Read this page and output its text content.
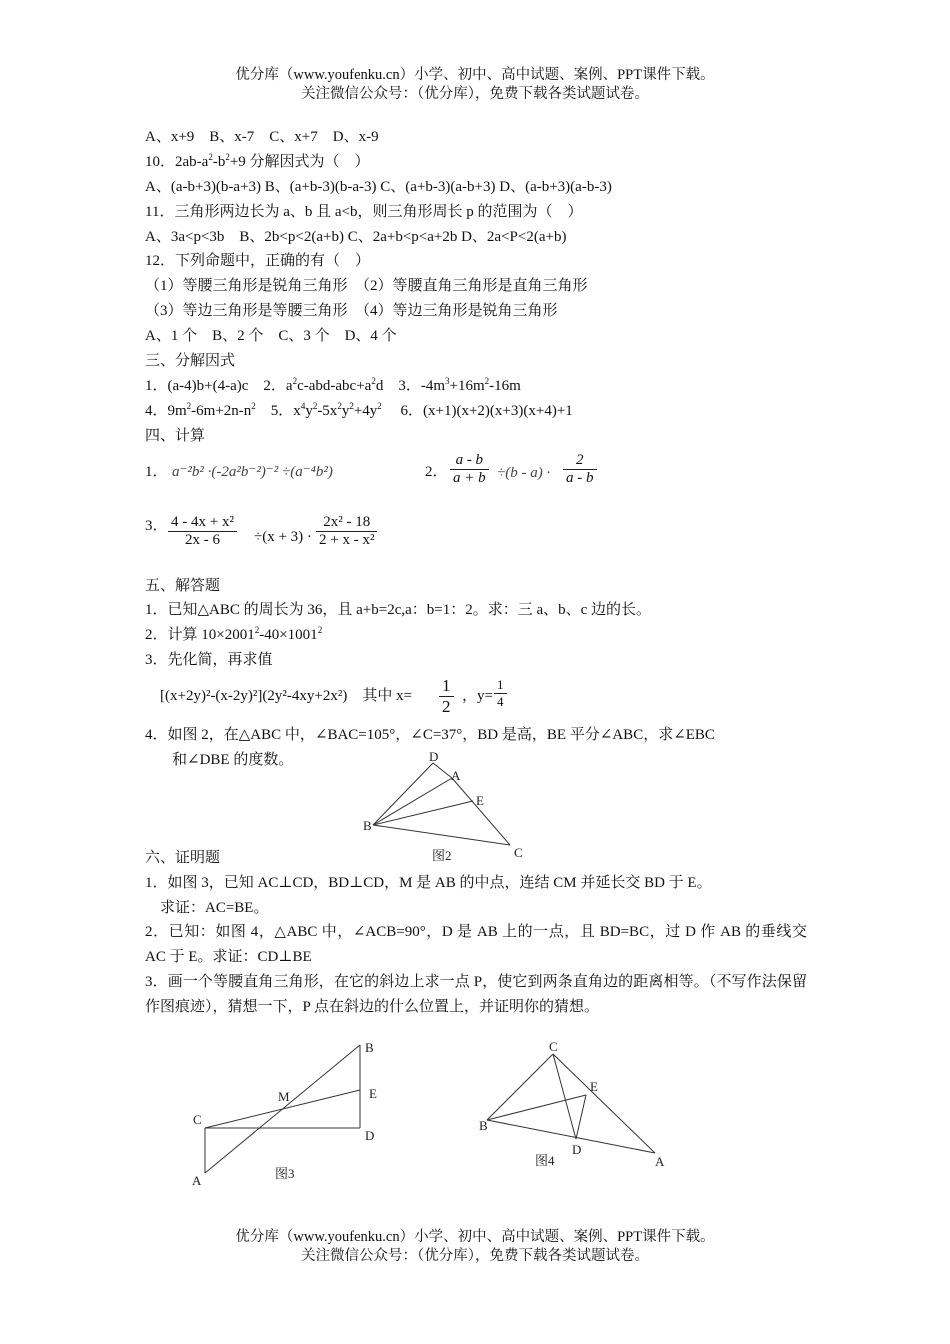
优分库（www.youfenku.cn）小学、初中、高中试题、案例、PPT课件下载。
关注微信公众号：（优分库），免费下载各类试题试卷。
A、x+9　B、x-7　C、x+7　D、x-9
10．$2ab-a^2-b^2+9$ 分解因式为（　）
A、(a-b+3)(b-a+3) B、(a+b-3)(b-a-3) C、(a+b-3)(a-b+3) D、(a-b+3)(a-b-3)
11．三角形两边长为 a、b 且 a<b，则三角形周长 p 的范围为（　）
A、3a<p<3b　B、2b<p<2(a+b) C、2a+b<p<a+2b D、2a<P<2(a+b)
12．下列命题中，正确的有（　）
（1）等腰三角形是锐角三角形　（2）等腰直角三角形是直角三角形
（3）等边三角形是等腰三角形　（4）等边三角形是锐角三角形
A、1 个　B、2 个　C、3 个　D、4 个
三、分解因式
1．(a-4)b+(4-a)c 2．$a^2c-abd-abc+a^2d$ 3．$-4m^3+16m^2-16m$
4．$9m^2-6m+2n-n^2$ 5．$x^4y^2-5x^2y^2+4y^2$ 6．(x+1)(x+2)(x+3)(x+4)+1
四、计算
1． a⁻²b² ·(-2a²b⁻²)⁻² ÷(a⁻⁴b²)	2． $\frac{a - b}{a + b} \div(b - a) \cdot \frac{2}{a - b}$
3． $\frac{\text{4 - 4x + x²}}{2x - 6} \div(x + 3) \cdot \frac{\text{2x² - 18}}{\text{2 + x - x²}}$
五、解答题
1．已知△ABC 的周长为 36，且 a+b=2c,a：b=1：2。求：三 a、b、c 边的长。
2．计算 $10\times 2001^2-40\times 1001^2$
3．先化简，再求值
[(x+2y)²-(x-2y)²](2y²-4xy+2x²)　其中 $x= \frac{1}{2}$ ，$y= \frac{1}{4}$
4．如图 2，在△ABC 中，∠BAC=105°，∠C=37°，BD 是高，BE 平分∠ABC，求∠EBC
和∠DBE 的度数。	D
A
E
B
C
图2
六、证明题
1．如图 3，已知 AC⊥CD，BD⊥CD，M 是 AB 的中点，连结 CM 并延长交 BD 于 E。
求证：AC=BE。
2．已知：如图 4，△ABC 中，∠ACB=90°，D 是 AB 上的一点，且 BD=BC，过 D 作 AB 的垂线交 AC 于 E。求证：CD⊥BE
3．画一个等腰直角三角形，在它的斜边上求一点 P，使它到两条直角边的距离相等。（不写作法保留作图痕迹），猜想一下，P 点在斜边的什么位置上，并证明你的猜想。
B
M	E
C
D
A	图3
C
E
B
D
A
图4
优分库（www.youfenku.cn）小学、初中、高中试题、案例、PPT课件下载。
关注微信公众号：（优分库），免费下载各类试题试卷。
